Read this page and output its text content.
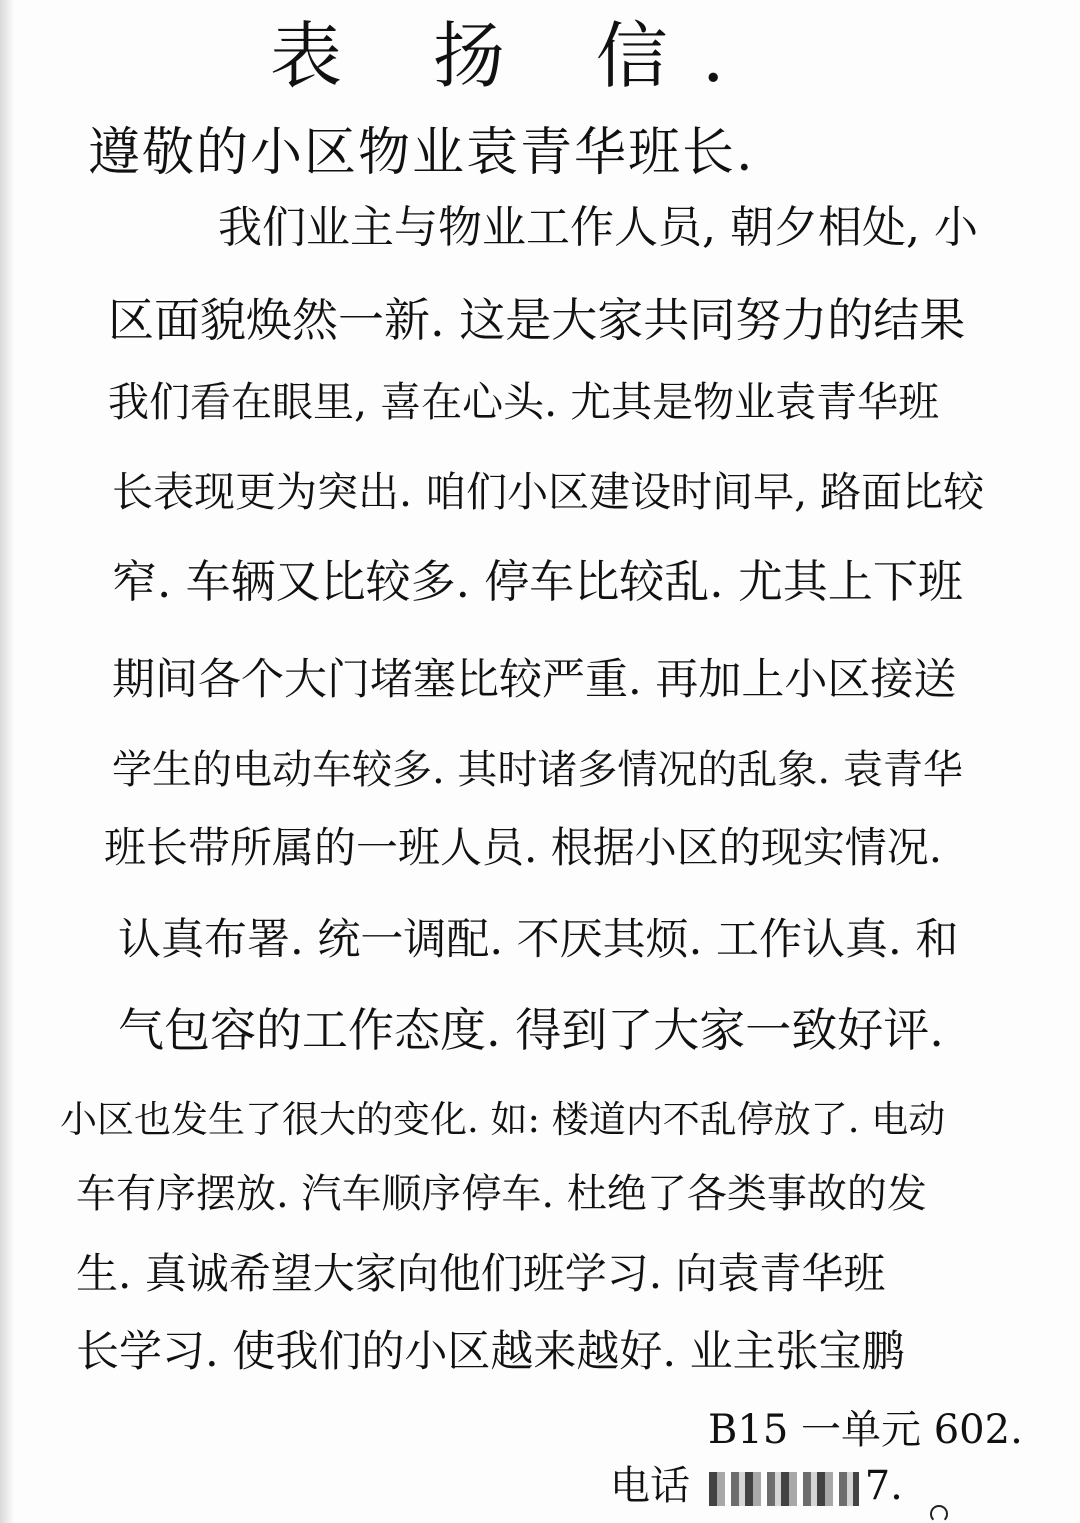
表 扬 信.
遵敬的小区物业袁青华班长.
我们业主与物业工作人员, 朝夕相处, 小
区面貌焕然一新. 这是大家共同努力的结果
我们看在眼里, 喜在心头. 尤其是物业袁青华班
长表现更为突出. 咱们小区建设时间早, 路面比较
窄. 车辆又比较多. 停车比较乱. 尤其上下班
期间各个大门堵塞比较严重. 再加上小区接送
学生的电动车较多. 其时诸多情况的乱象. 袁青华
班长带所属的一班人员. 根据小区的现实情况.
认真布署. 统一调配. 不厌其烦. 工作认真. 和
气包容的工作态度. 得到了大家一致好评.
小区也发生了很大的变化. 如: 楼道内不乱停放了. 电动
车有序摆放. 汽车顺序停车. 杜绝了各类事故的发
生. 真诚希望大家向他们班学习. 向袁青华班
长学习. 使我们的小区越来越好. 业主张宝鹏
B15 一单元 602.
电话	7.
